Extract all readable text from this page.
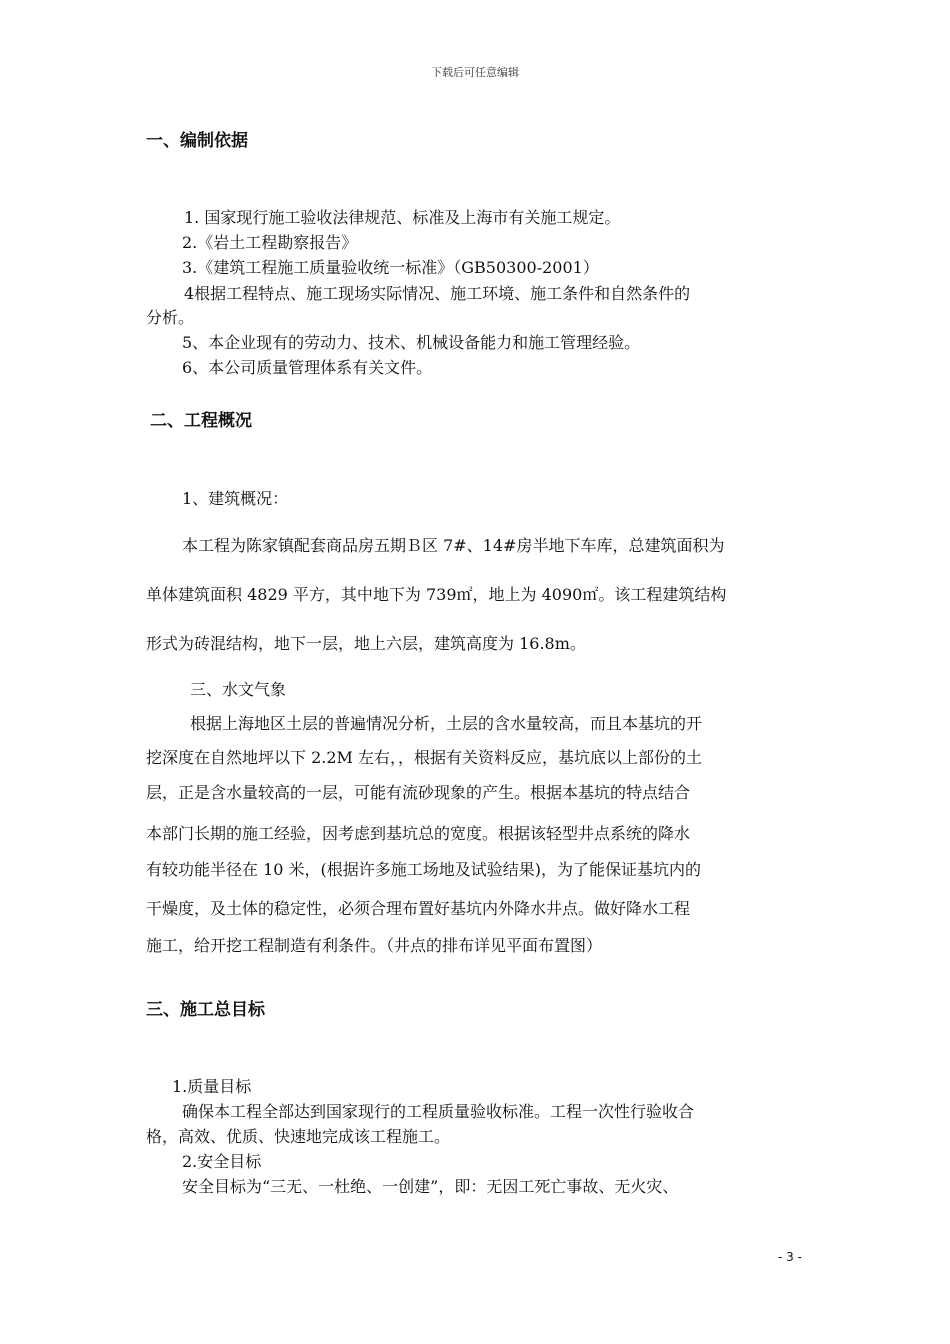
下载后可任意编辑
一、编制依据
1. 国家现行施工验收法律规范、标准及上海市有关施工规定。
2.《岩土工程勘察报告》
3.《建筑工程施工质量验收统一标准》（GB50300-2001）
4根据工程特点、施工现场实际情况、施工环境、施工条件和自然条件的
分析。
5、本企业现有的劳动力、技术、机械设备能力和施工管理经验。
6、本公司质量管理体系有关文件。
二、工程概况
1、建筑概况：
本工程为陈家镇配套商品房五期Ｂ区 7#、14#房半地下车库，总建筑面积为
单体建筑面积 4829 平方，其中地下为 739㎡，地上为 4090㎡。该工程建筑结构
形式为砖混结构，地下一层，地上六层，建筑高度为 16.8m。
三、水文气象
根据上海地区土层的普遍情况分析，土层的含水量较高，而且本基坑的开
挖深度在自然地坪以下 2.2M 左右，，根据有关资料反应，基坑底以上部份的土
层，正是含水量较高的一层，可能有流砂现象的产生。根据本基坑的特点结合
本部门长期的施工经验，因考虑到基坑总的宽度。根据该轻型井点系统的降水
有较功能半径在 10 米，(根据许多施工场地及试验结果)，为了能保证基坑内的
干燥度，及土体的稳定性，必须合理布置好基坑内外降水井点。做好降水工程
施工，给开挖工程制造有利条件。（井点的排布详见平面布置图）
三、施工总目标
1.质量目标
确保本工程全部达到国家现行的工程质量验收标准。工程一次性行验收合
格，高效、优质、快速地完成该工程施工。
2.安全目标
安全目标为“三无、一杜绝、一创建”，即：无因工死亡事故、无火灾、
- 3 -
